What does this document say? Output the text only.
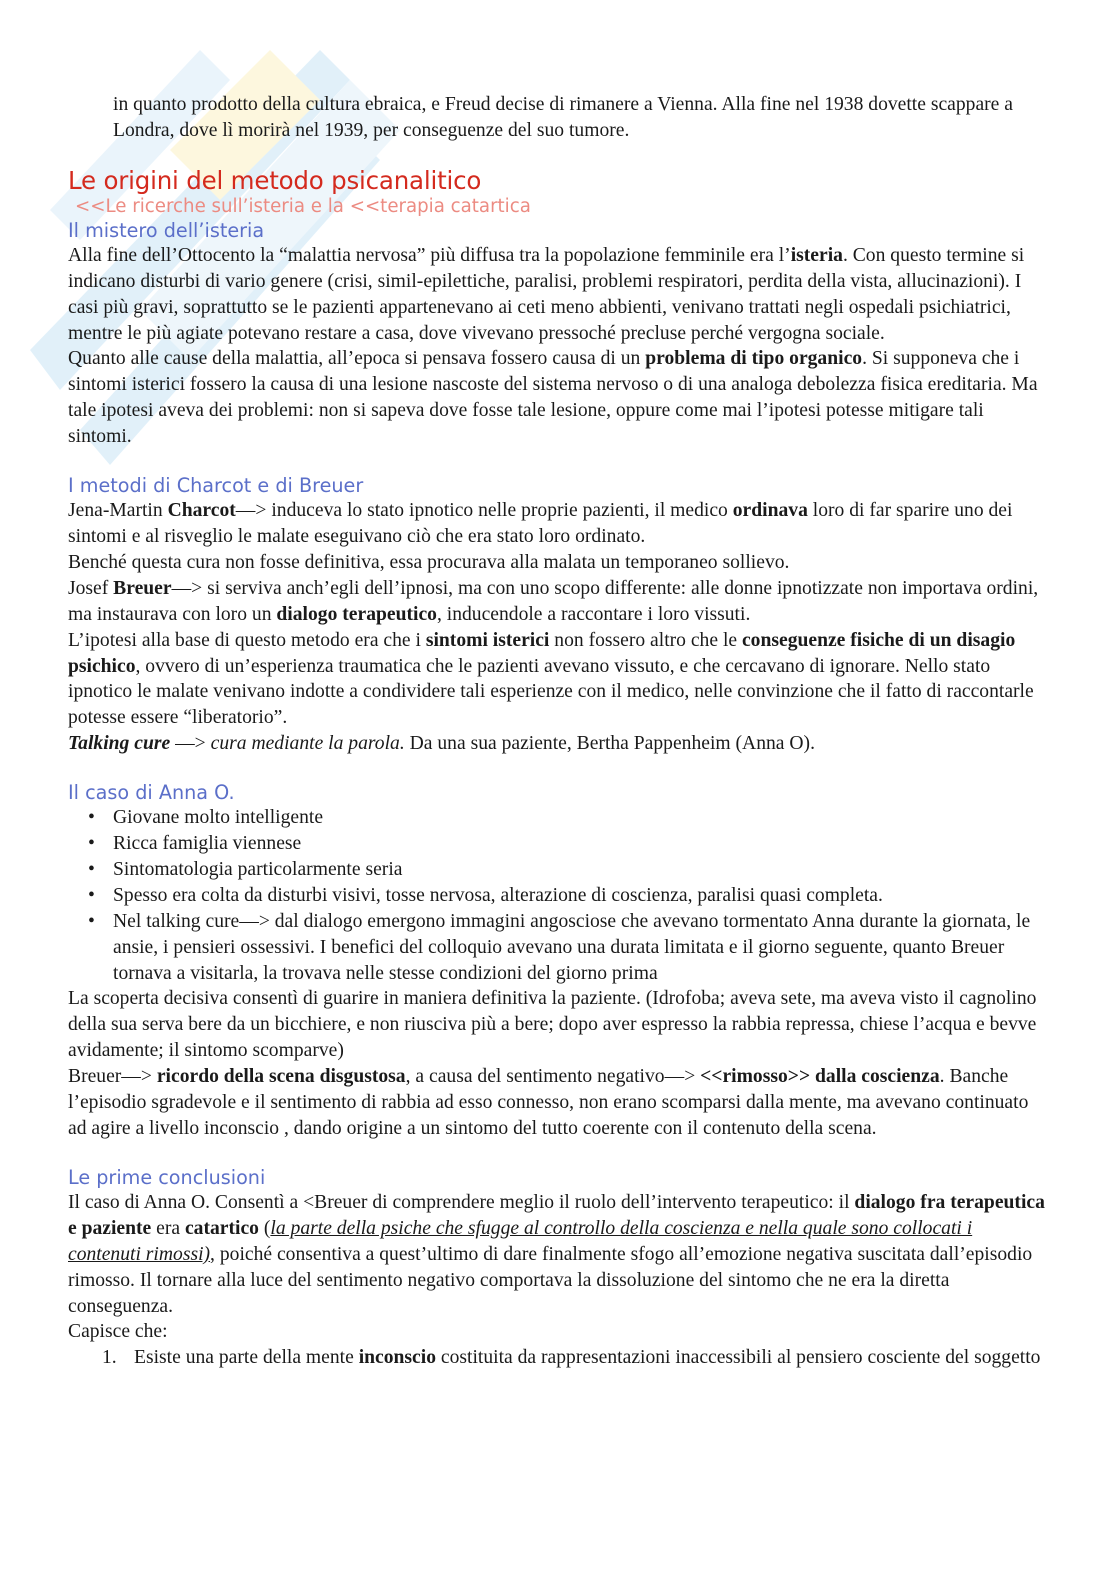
in quanto prodotto della cultura ebraica, e Freud decise di rimanere a Vienna. Alla fine nel 1938 dovette scappare a Londra, dove lì morirà nel 1939, per conseguenze del suo tumore.

Le origini del metodo psicanalitico

<<Le ricerche sull’isteria e la <<terapia catartica

Il mistero dell’isteria

Alla fine dell’Ottocento la “malattia nervosa” più diffusa tra la popolazione femminile era l’isteria. Con questo termine si indicano disturbi di vario genere (crisi, simil-epilettiche, paralisi, problemi respiratori, perdita della vista, allucinazioni). I casi più gravi, soprattutto se le pazienti appartenevano ai ceti meno abbienti, venivano trattati negli ospedali psichiatrici, mentre le più agiate potevano restare a casa, dove vivevano pressoché precluse perché vergogna sociale.

Quanto alle cause della malattia, all’epoca si pensava fossero causa di un problema di tipo organico. Si supponeva che i sintomi isterici fossero la causa di una lesione nascoste del sistema nervoso o di una analoga debolezza fisica ereditaria. Ma tale ipotesi aveva dei problemi: non si sapeva dove fosse tale lesione, oppure come mai l’ipotesi potesse mitigare tali sintomi.

I metodi di Charcot e di Breuer

Jena-Martin Charcot—> induceva lo stato ipnotico nelle proprie pazienti, il medico ordinava loro di far sparire uno dei sintomi e al risveglio le malate eseguivano ciò che era stato loro ordinato.

Benché questa cura non fosse definitiva, essa procurava alla malata un temporaneo sollievo.

Josef Breuer—> si serviva anch’egli dell’ipnosi, ma con uno scopo differente: alle donne ipnotizzate non importava ordini, ma instaurava con loro un dialogo terapeutico, inducendole a raccontare i loro vissuti.

L’ipotesi alla base di questo metodo era che i sintomi isterici non fossero altro che le conseguenze fisiche di un disagio psichico, ovvero di un’esperienza traumatica che le pazienti avevano vissuto, e che cercavano di ignorare. Nello stato ipnotico le malate venivano indotte a condividere tali esperienze con il medico, nelle convinzione che il fatto di raccontarle potesse essere “liberatorio”.

Talking cure —> cura mediante la parola. Da una sua paziente, Bertha Pappenheim (Anna O).

Il caso di Anna O.
• Giovane molto intelligente
• Ricca famiglia viennese
• Sintomatologia particolarmente seria
• Spesso era colta da disturbi visivi, tosse nervosa, alterazione di coscienza, paralisi quasi completa.
• Nel talking cure—> dal dialogo emergono immagini angosciose che avevano tormentato Anna durante la giornata, le ansie, i pensieri ossessivi. I benefici del colloquio avevano una durata limitata e il giorno seguente, quanto Breuer tornava a visitarla, la trovava nelle stesse condizioni del giorno prima

La scoperta decisiva consentì di guarire in maniera definitiva la paziente. (Idrofoba; aveva sete, ma aveva visto il cagnolino della sua serva bere da un bicchiere, e non riusciva più a bere; dopo aver espresso la rabbia repressa, chiese l’acqua e bevve avidamente; il sintomo scomparve)

Breuer—> ricordo della scena disgustosa, a causa del sentimento negativo—> <<rimosso>> dalla coscienza. Banche l’episodio sgradevole e il sentimento di rabbia ad esso connesso, non erano scomparsi dalla mente, ma avevano continuato ad agire a livello inconscio , dando origine a un sintomo del tutto coerente con il contenuto della scena.

Le prime conclusioni

Il caso di Anna O. Consentì a <Breuer di comprendere meglio il ruolo dell’intervento terapeutico: il dialogo fra terapeutica e paziente era catartico (la parte della psiche che sfugge al controllo della coscienza e nella quale sono collocati i contenuti rimossi), poiché consentiva a quest’ultimo di dare finalmente sfogo all’emozione negativa suscitata dall’episodio rimosso. Il tornare alla luce del sentimento negativo comportava la dissoluzione del sintomo che ne era la diretta conseguenza.

Capisce che:

1. Esiste una parte della mente inconscio costituita da rappresentazioni inaccessibili al pensiero cosciente del soggetto
